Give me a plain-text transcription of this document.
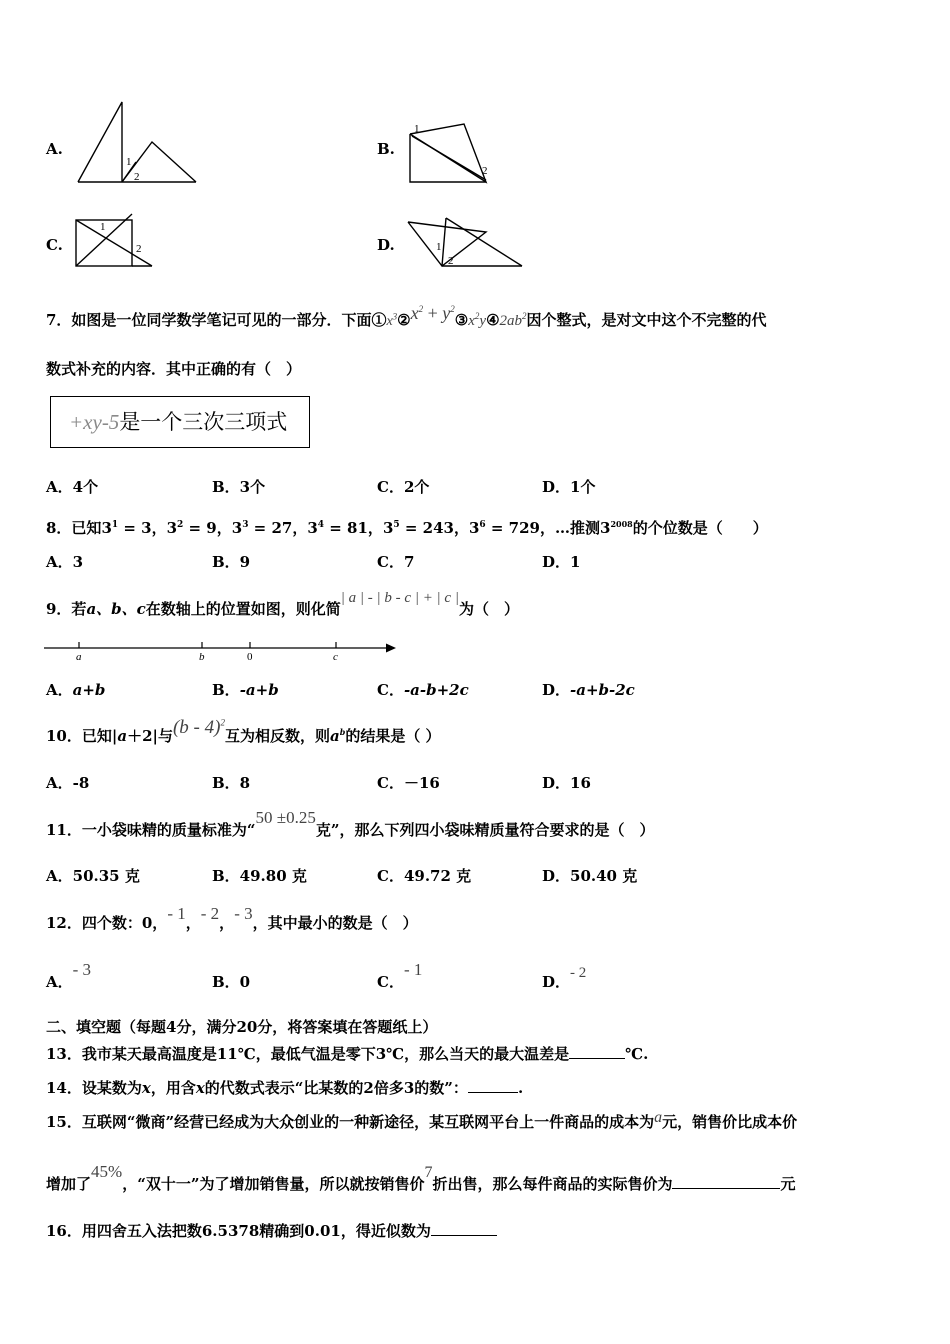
A.
1
2
B.
1
2
C.
1
2	D.	1
2
7．如图是一位同学数学笔记可见的一部分．下面$①x^3②x^2$ + $y^2③x^2y④2ab^2$因个整式，是对文中这个不完整的代
数式补充的内容．其中正确的有（　）
+xy-5是一个三次三项式
A．4个	B．3个	C．2个	D．1个
8．已知$3^1 = 3$，$3^2 = 9$，$3^3 = 27$，$3^4 = 81$，$3^5 = 243$，$3^6 = 729$，…推测$3^{2008}$的个位数是（　　）
A．3	B．9	C．7	D．1
9．若a、b、c在数轴上的位置如图，则化简| a | - | b - c | + | c |为（　）
a	b	0	c
A．a+b	B．-a+b	C．-a-b+2c	D．-a+b-2c
10．已知|a＋2|与(b - 4)$^2$互为相反数，则$a^b$的结果是（ ）
A．-8	B．8	C．－16	D．16
11．一小袋味精的质量标准为“50 ±0.25克”，那么下列四小袋味精质量符合要求的是（　）
A．50.35 克	B．49.80 克	C．49.72 克	D．50.40 克
12．四个数：0，- 1，- 2，- 3，其中最小的数是（　）
A．- 3
B．0	C．- 1
D．- 2
二、填空题（每题4分，满分20分，将答案填在答题纸上）
13．我市某天最高温度是11℃，最低气温是零下3℃，那么当天的最大温差是	℃.
14．设某数为x，用含x的代数式表示“比某数的2倍多3的数”：	.
15．互联网“微商”经营已经成为大众创业的一种新途径，某互联网平台上一件商品的成本为a元，销售价比成本价
增加了45%，“双十一”为了增加销售量，所以就按销售价7折出售，那么每件商品的实际售价为	元
16．用四舍五入法把数6.5378精确到0.01，得近似数为
